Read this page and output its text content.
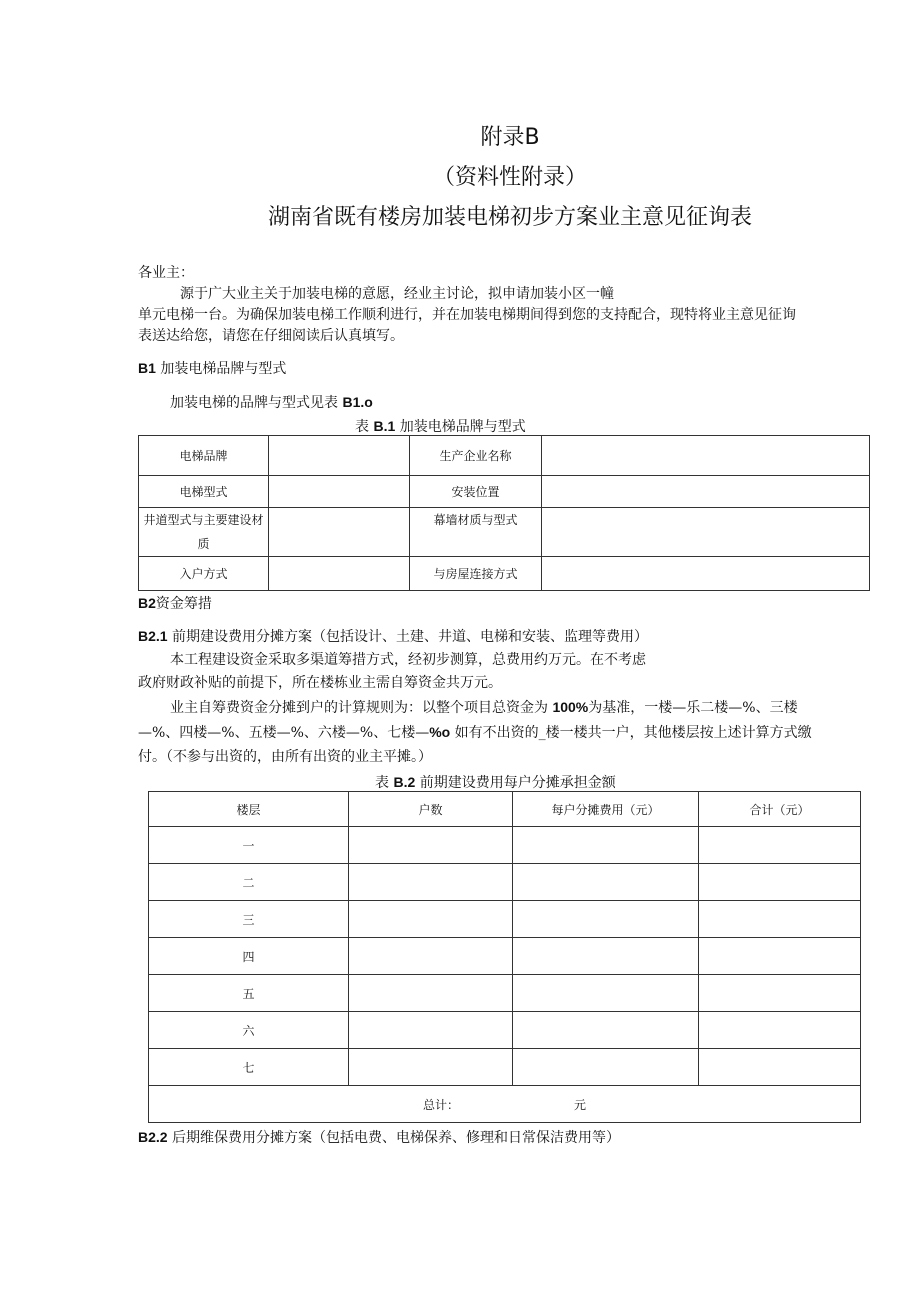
附录B
（资料性附录）
湖南省既有楼房加装电梯初步方案业主意见征询表
各业主：
源于广大业主关于加装电梯的意愿，经业主讨论，拟申请加装小区一幢
单元电梯一台。为确保加装电梯工作顺利进行，并在加装电梯期间得到您的支持配合，现特将业主意见征询
表送达给您，请您在仔细阅读后认真填写。
B1 加装电梯品牌与型式
加装电梯的品牌与型式见表 B1.o
表 B.1 加装电梯品牌与型式
电梯品牌		生产企业名称	
电梯型式		安装位置	
井道型式与主要建设材质		幕墙材质与型式	
入户方式		与房屋连接方式	
B2资金筹措
B2.1 前期建设费用分摊方案（包括设计、土建、井道、电梯和安装、监理等费用）
本工程建设资金采取多渠道筹措方式，经初步测算，总费用约万元。在不考虑
政府财政补贴的前提下，所在楼栋业主需自筹资金共万元。
业主自筹费资金分摊到户的计算规则为：以整个项目总资金为 100%为基准，一楼—乐二楼—%、三楼
—%、四楼—%、五楼—%、六楼—%、七楼—%o 如有不出资的_楼一楼共一户，其他楼层按上述计算方式缴
付。（不参与出资的，由所有出资的业主平摊。）
表 B.2 前期建设费用每户分摊承担金额
楼层	户数	每户分摊费用（元）	合计（元）
一			
二			
三			
四			
五			
六			
七			
总计： 元			
B2.2 后期维保费用分摊方案（包括电费、电梯保养、修理和日常保洁费用等）
